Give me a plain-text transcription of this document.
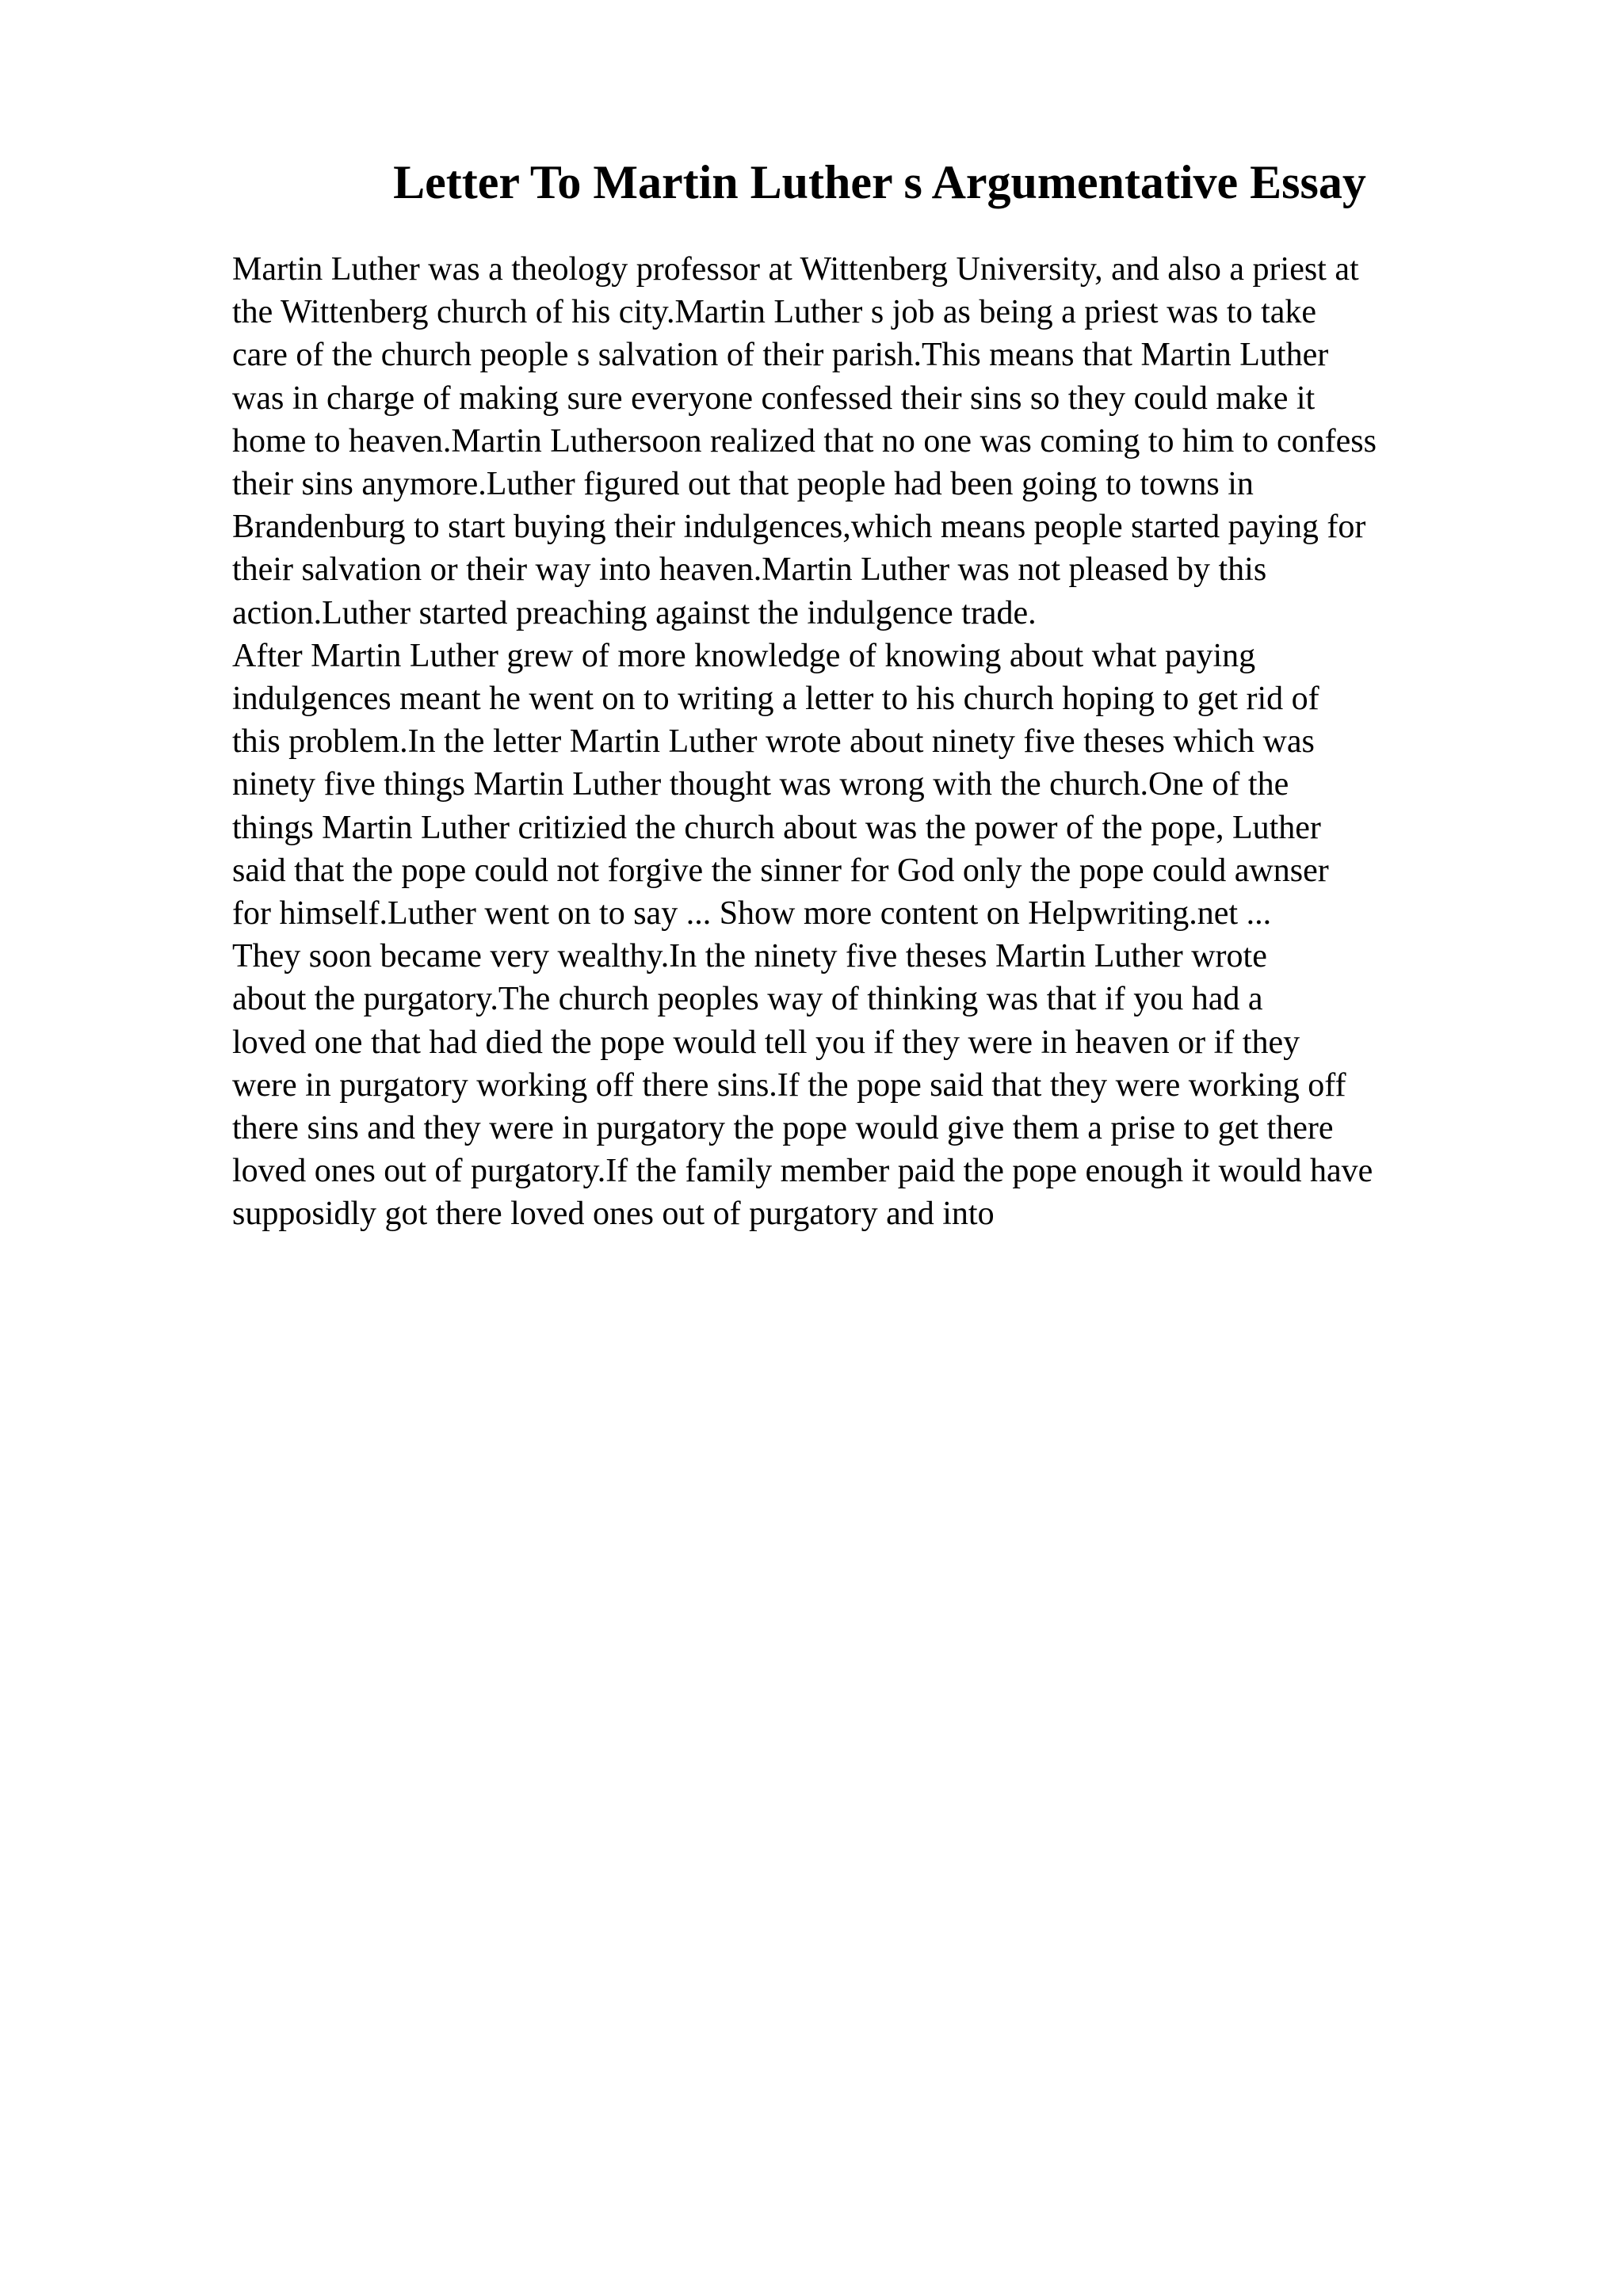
Letter To Martin Luther s Argumentative Essay
Martin Luther was a theology professor at Wittenberg University, and also a priest at
the Wittenberg church of his city.Martin Luther s job as being a priest was to take
care of the church people s salvation of their parish.This means that Martin Luther
was in charge of making sure everyone confessed their sins so they could make it
home to heaven.Martin Luthersoon realized that no one was coming to him to confess
their sins anymore.Luther figured out that people had been going to towns in
Brandenburg to start buying their indulgences,which means people started paying for
their salvation or their way into heaven.Martin Luther was not pleased by this
action.Luther started preaching against the indulgence trade.
After Martin Luther grew of more knowledge of knowing about what paying
indulgences meant he went on to writing a letter to his church hoping to get rid of
this problem.In the letter Martin Luther wrote about ninety five theses which was
ninety five things Martin Luther thought was wrong with the church.One of the
things Martin Luther critizied the church about was the power of the pope, Luther
said that the pope could not forgive the sinner for God only the pope could awnser
for himself.Luther went on to say ... Show more content on Helpwriting.net ...
They soon became very wealthy.In the ninety five theses Martin Luther wrote
about the purgatory.The church peoples way of thinking was that if you had a
loved one that had died the pope would tell you if they were in heaven or if they
were in purgatory working off there sins.If the pope said that they were working off
there sins and they were in purgatory the pope would give them a prise to get there
loved ones out of purgatory.If the family member paid the pope enough it would have
supposidly got there loved ones out of purgatory and into
